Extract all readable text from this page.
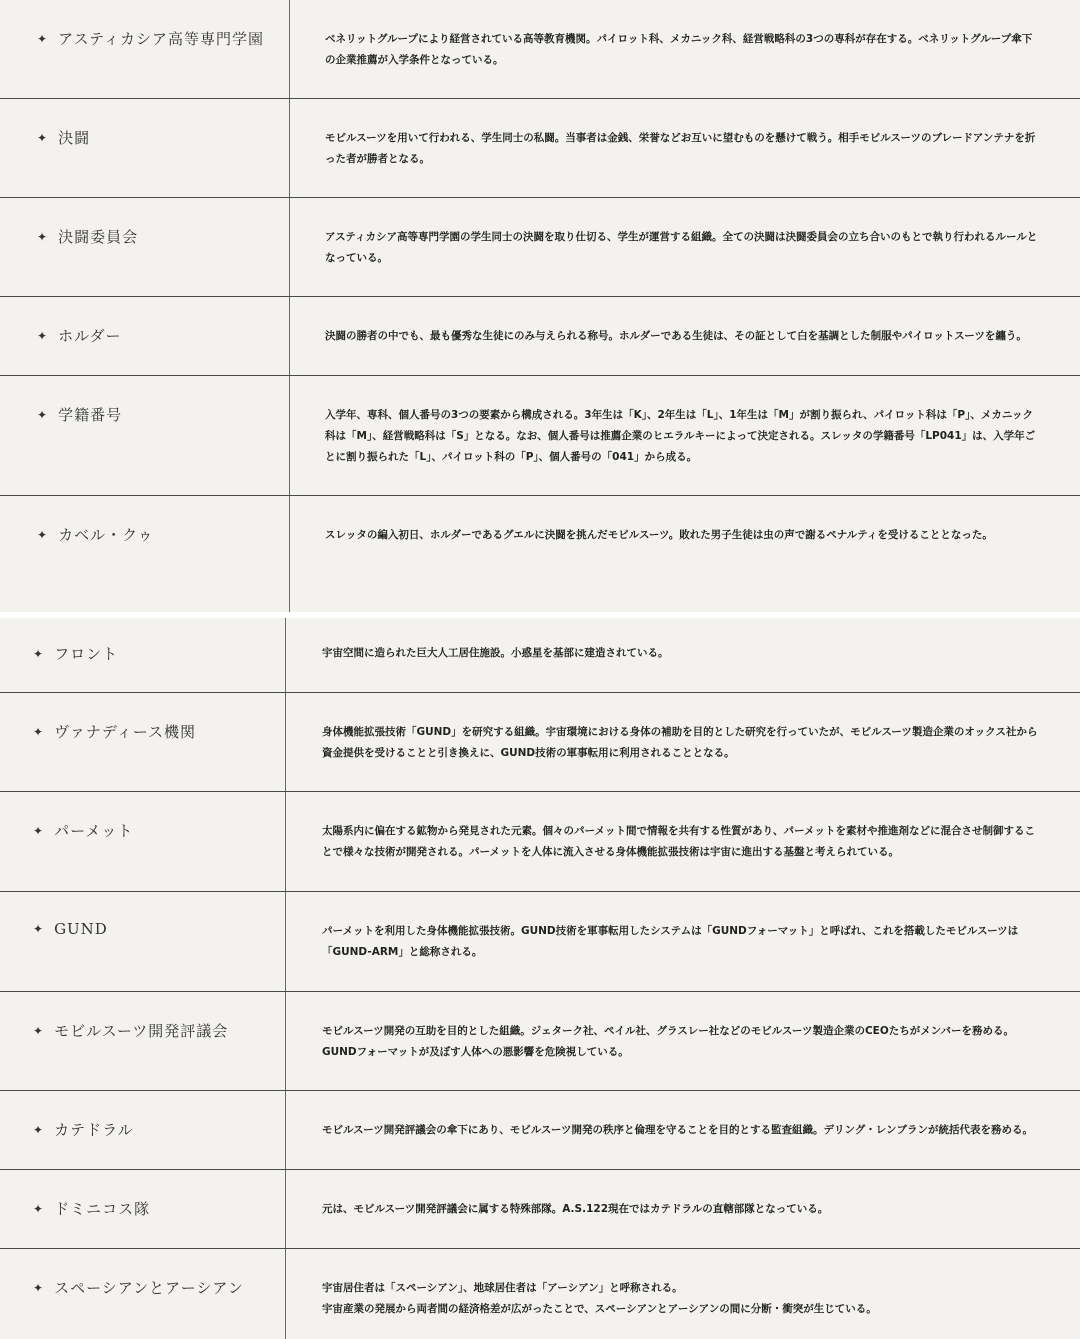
✦ アスティカシア高等専門学園	ベネリットグループにより経営されている高等教育機関。パイロット科、メカニック科、経営戦略科の3つの専科が存在する。ベネリットグループ傘下の企業推薦が入学条件となっている。
✦ 決闘	モビルスーツを用いて行われる、学生同士の私闘。当事者は金銭、栄誉などお互いに望むものを懸けて戦う。相手モビルスーツのブレードアンテナを折った者が勝者となる。
✦ 決闘委員会	アスティカシア高等専門学園の学生同士の決闘を取り仕切る、学生が運営する組織。全ての決闘は決闘委員会の立ち合いのもとで執り行われるルールとなっている。
✦ ホルダー	決闘の勝者の中でも、最も優秀な生徒にのみ与えられる称号。ホルダーである生徒は、その証として白を基調とした制服やパイロットスーツを纏う。
✦ 学籍番号	入学年、専科、個人番号の3つの要素から構成される。3年生は「K」、2年生は「L」、1年生は「M」が割り振られ、パイロット科は「P」、メカニック科は「M」、経営戦略科は「S」となる。なお、個人番号は推薦企業のヒエラルキーによって決定される。スレッタの学籍番号「LP041」は、入学年ごとに割り振られた「L」、パイロット科の「P」、個人番号の「041」から成る。
✦ カベル・クゥ	スレッタの編入初日、ホルダーであるグエルに決闘を挑んだモビルスーツ。敗れた男子生徒は虫の声で謝るペナルティを受けることとなった。
✦ フロント	宇宙空間に造られた巨大人工居住施設。小惑星を基部に建造されている。
✦ ヴァナディース機関	身体機能拡張技術「GUND」を研究する組織。宇宙環境における身体の補助を目的とした研究を行っていたが、モビルスーツ製造企業のオックス社から資金提供を受けることと引き換えに、GUND技術の軍事転用に利用されることとなる。
✦ パーメット	太陽系内に偏在する鉱物から発見された元素。個々のパーメット間で情報を共有する性質があり、パーメットを素材や推進剤などに混合させ制御することで様々な技術が開発される。パーメットを人体に流入させる身体機能拡張技術は宇宙に進出する基盤と考えられている。
✦ GUND	パーメットを利用した身体機能拡張技術。GUND技術を軍事転用したシステムは「GUNDフォーマット」と呼ばれ、これを搭載したモビルスーツは「GUND-ARM」と総称される。
✦ モビルスーツ開発評議会	モビルスーツ開発の互助を目的とした組織。ジェターク社、ペイル社、グラスレー社などのモビルスーツ製造企業のCEOたちがメンバーを務める。GUNDフォーマットが及ぼす人体への悪影響を危険視している。
✦ カテドラル	モビルスーツ開発評議会の傘下にあり、モビルスーツ開発の秩序と倫理を守ることを目的とする監査組織。デリング・レンブランが統括代表を務める。
✦ ドミニコス隊	元は、モビルスーツ開発評議会に属する特殊部隊。A.S.122現在ではカテドラルの直轄部隊となっている。
✦ スペーシアンとアーシアン	宇宙居住者は「スペーシアン」、地球居住者は「アーシアン」と呼称される。
宇宙産業の発展から両者間の経済格差が広がったことで、スペーシアンとアーシアンの間に分断・衝突が生じている。
